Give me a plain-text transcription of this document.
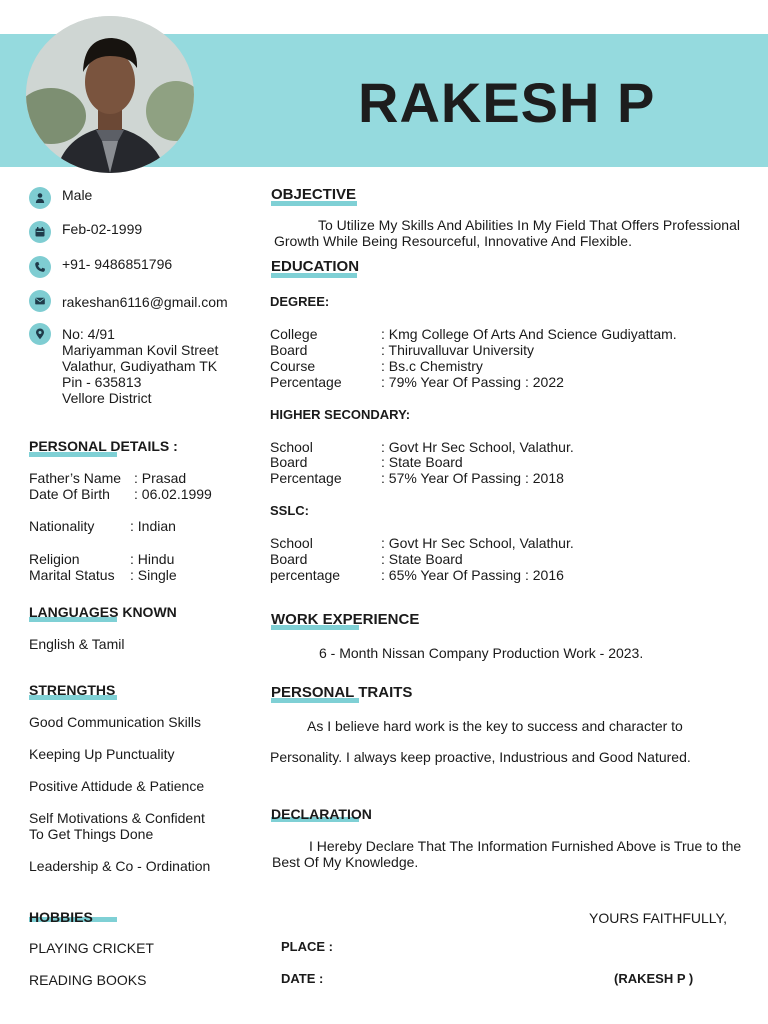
RAKESH P
Male
Feb-02-1999
+91- 9486851796
rakeshan6116@gmail.com
No: 4/91
Mariyamman Kovil Street
Valathur, Gudiyatham TK
Pin - 635813
Vellore District
PERSONAL DETAILS :
Father’s Name : Prasad
Date Of Birth : 06.02.1999
Nationality	: Indian
Religion	: Hindu
Marital Status : Single
LANGUAGES KNOWN
English & Tamil
STRENGTHS
Good Communication Skills
Keeping Up Punctuality
Positive Attidude & Patience
Self Motivations & Confident
To Get Things Done
Leadership & Co - Ordination
HOBBIES
PLAYING CRICKET
READING BOOKS
OBJECTIVE
To Utilize My Skills And Abilities In My Field That Offers Professional
Growth While Being Resourceful, Innovative And Flexible.
EDUCATION
DEGREE:
College	: Kmg College Of Arts And Science Gudiyattam.
Board	: Thiruvalluvar University
Course	: Bs.c Chemistry
Percentage	: 79% Year Of Passing : 2022
HIGHER SECONDARY:
School	: Govt Hr Sec School, Valathur.
Board	: State Board
Percentage	: 57% Year Of Passing : 2018
SSLC:
School	: Govt Hr Sec School, Valathur.
Board	: State Board
percentage	: 65% Year Of Passing : 2016
WORK EXPERIENCE
6 - Month Nissan Company Production Work - 2023.
PERSONAL TRAITS
As I believe hard work is the key to success and character to
Personality. I always keep proactive, Industrious and Good Natured.
DECLARATION
I Hereby Declare That The Information Furnished Above is True to the
Best Of My Knowledge.
YOURS FAITHFULLY,
PLACE :
DATE :	(RAKESH P )
